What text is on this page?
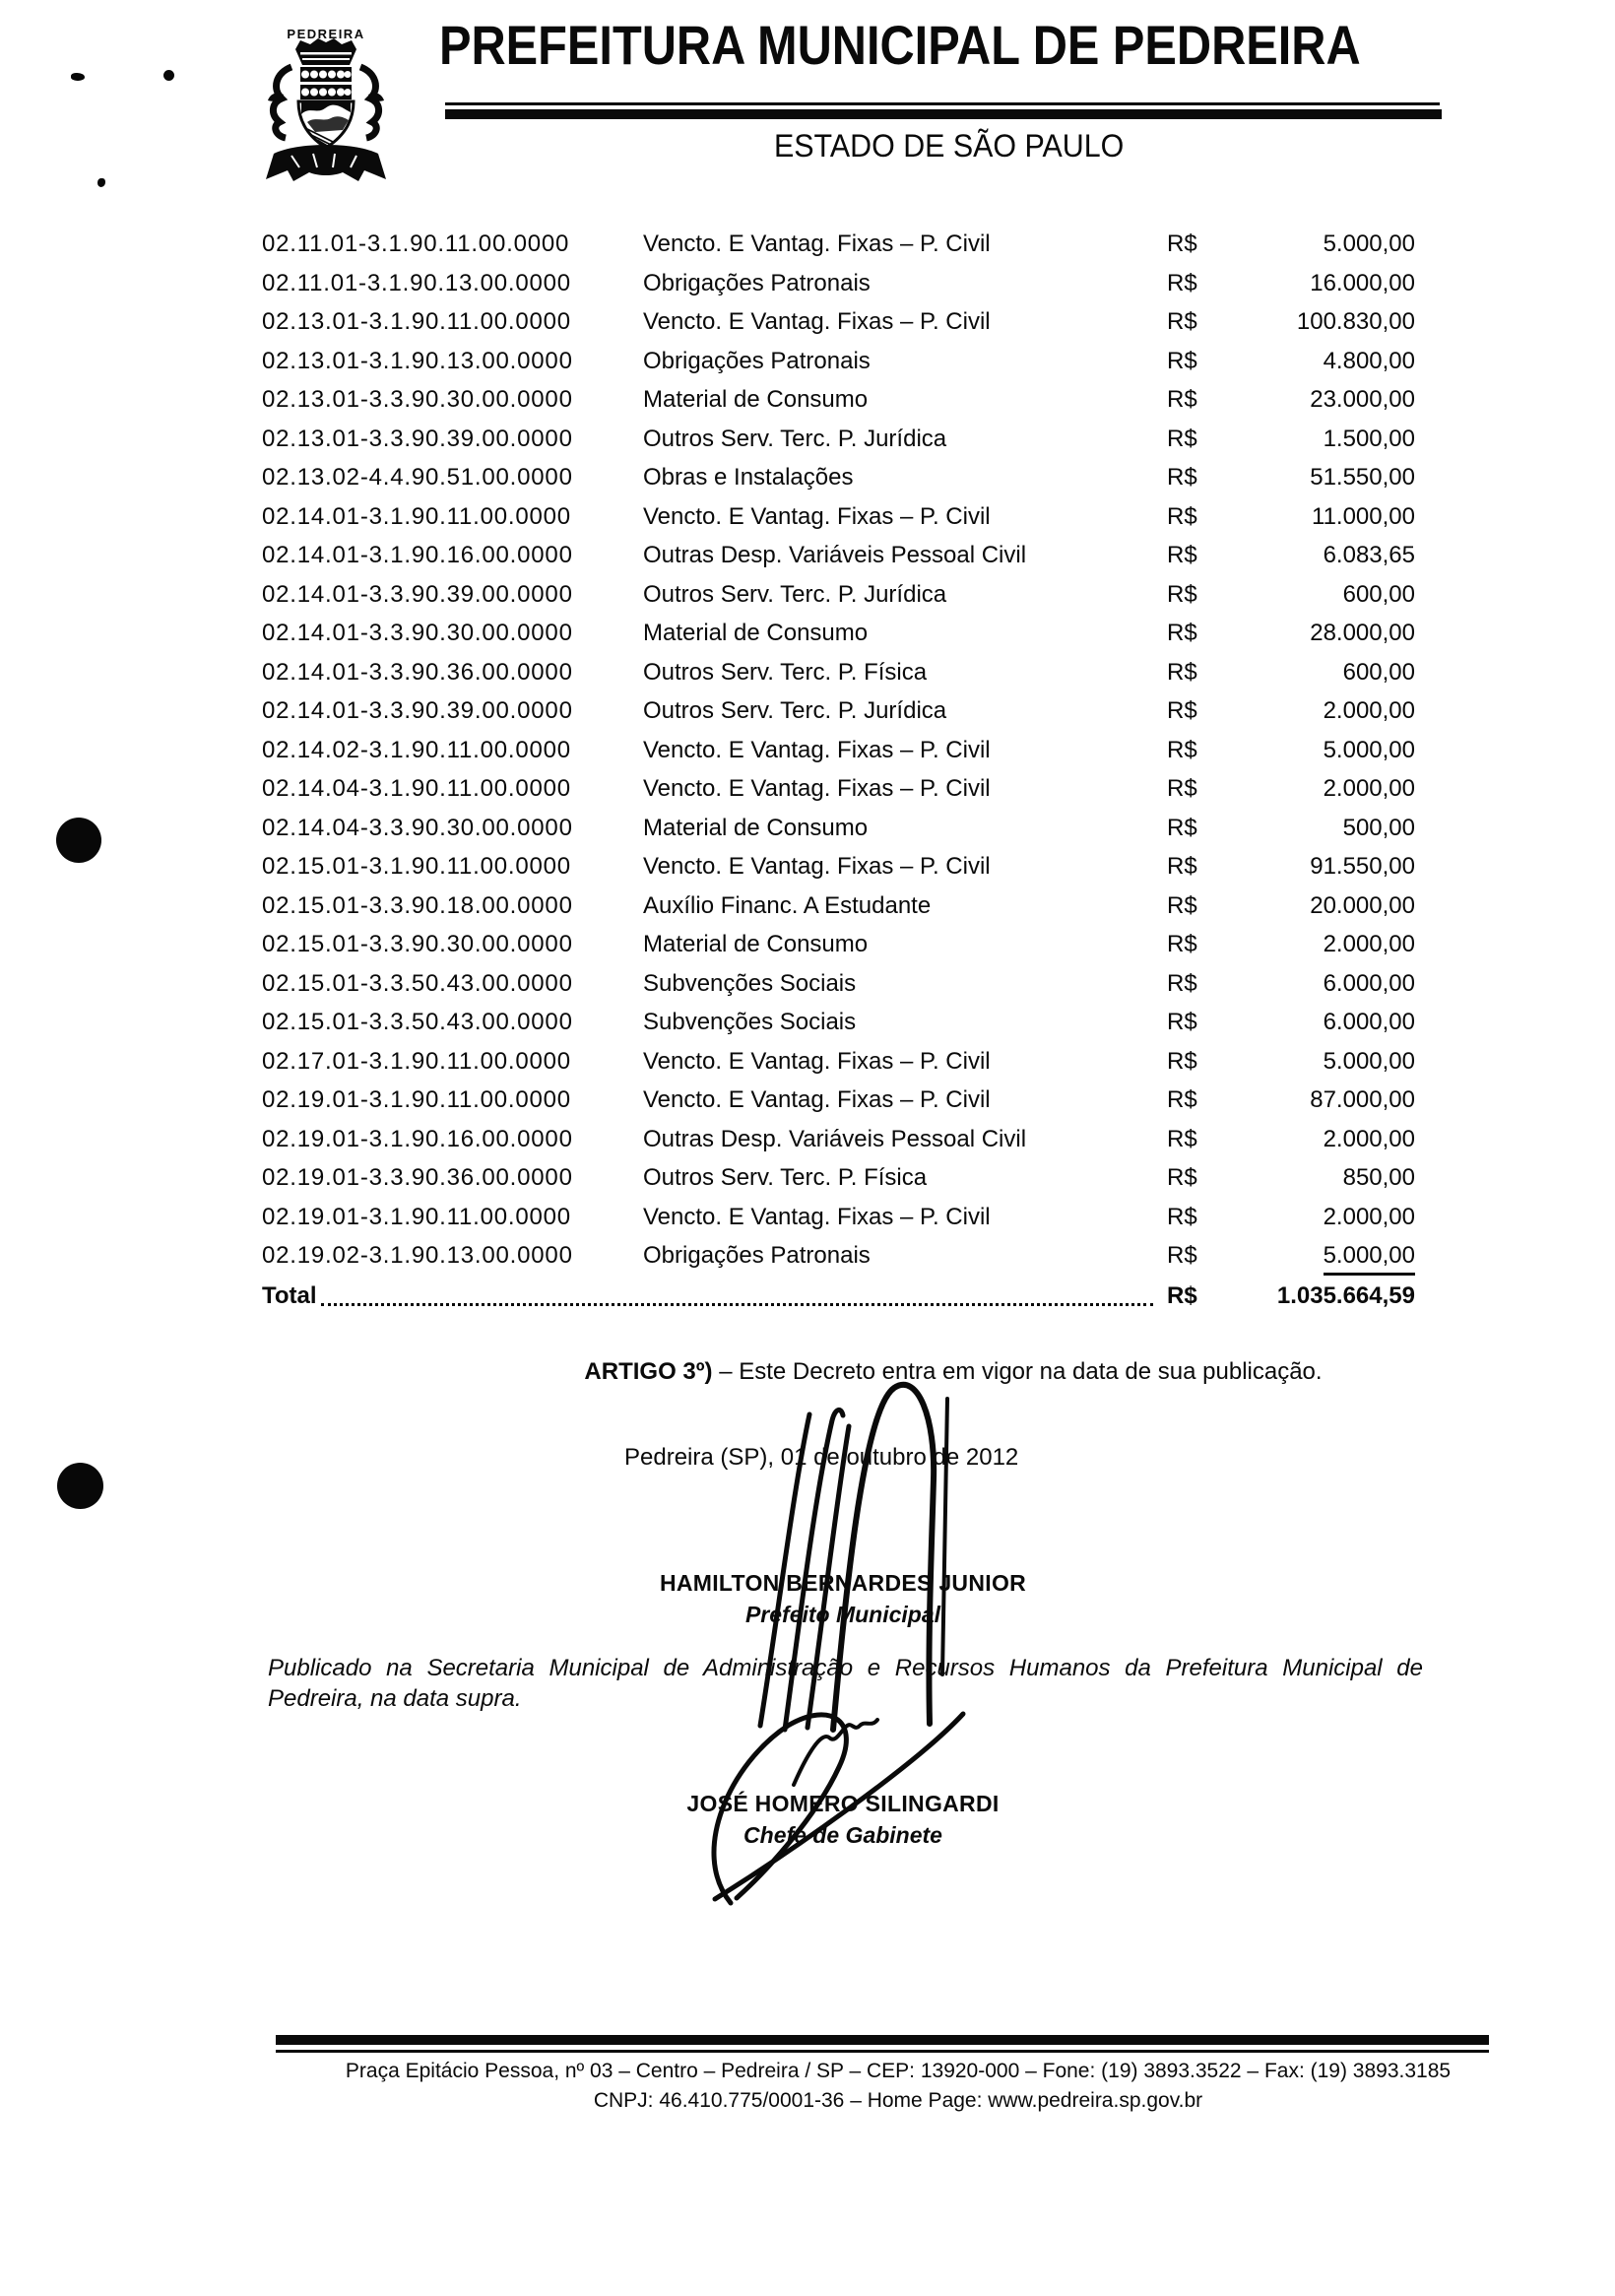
PEDREIRA PREFEITURA MUNICIPAL DE PEDREIRA
ESTADO DE SÃO PAULO
02.11.01-3.1.90.11.00.0000	Vencto. E Vantag. Fixas – P. Civil	R$	5.000,00
02.11.01-3.1.90.13.00.0000	Obrigações Patronais	R$	16.000,00
02.13.01-3.1.90.11.00.0000	Vencto. E Vantag. Fixas – P. Civil	R$	100.830,00
02.13.01-3.1.90.13.00.0000	Obrigações Patronais	R$	4.800,00
02.13.01-3.3.90.30.00.0000	Material de Consumo	R$	23.000,00
02.13.01-3.3.90.39.00.0000	Outros Serv. Terc. P. Jurídica	R$	1.500,00
02.13.02-4.4.90.51.00.0000	Obras e Instalações	R$	51.550,00
02.14.01-3.1.90.11.00.0000	Vencto. E Vantag. Fixas – P. Civil	R$	11.000,00
02.14.01-3.1.90.16.00.0000	Outras Desp. Variáveis Pessoal Civil	R$	6.083,65
02.14.01-3.3.90.39.00.0000	Outros Serv. Terc. P. Jurídica	R$	600,00
02.14.01-3.3.90.30.00.0000	Material de Consumo	R$	28.000,00
02.14.01-3.3.90.36.00.0000	Outros Serv. Terc. P. Física	R$	600,00
02.14.01-3.3.90.39.00.0000	Outros Serv. Terc. P. Jurídica	R$	2.000,00
02.14.02-3.1.90.11.00.0000	Vencto. E Vantag. Fixas – P. Civil	R$	5.000,00
02.14.04-3.1.90.11.00.0000	Vencto. E Vantag. Fixas – P. Civil	R$	2.000,00
02.14.04-3.3.90.30.00.0000	Material de Consumo	R$	500,00
02.15.01-3.1.90.11.00.0000	Vencto. E Vantag. Fixas – P. Civil	R$	91.550,00
02.15.01-3.3.90.18.00.0000	Auxílio Financ. A Estudante	R$	20.000,00
02.15.01-3.3.90.30.00.0000	Material de Consumo	R$	2.000,00
02.15.01-3.3.50.43.00.0000	Subvenções Sociais	R$	6.000,00
02.15.01-3.3.50.43.00.0000	Subvenções Sociais	R$	6.000,00
02.17.01-3.1.90.11.00.0000	Vencto. E Vantag. Fixas – P. Civil	R$	5.000,00
02.19.01-3.1.90.11.00.0000	Vencto. E Vantag. Fixas – P. Civil	R$	87.000,00
02.19.01-3.1.90.16.00.0000	Outras Desp. Variáveis Pessoal Civil	R$	2.000,00
02.19.01-3.3.90.36.00.0000	Outros Serv. Terc. P. Física	R$	850,00
02.19.01-3.1.90.11.00.0000	Vencto. E Vantag. Fixas – P. Civil	R$	2.000,00
02.19.02-3.1.90.13.00.0000	Obrigações Patronais	R$	5.000,00
Total	R$	1.035.664,59
ARTIGO 3º) – Este Decreto entra em vigor na data de sua publicação.
Pedreira (SP), 01 de outubro de 2012
HAMILTON BERNARDES JUNIOR
Prefeito Municipal
Publicado na Secretaria Municipal de Administração e Recursos Humanos da Prefeitura Municipal de
Pedreira, na data supra.
JOSÉ HOMERO SILINGARDI
Chefe de Gabinete
Praça Epitácio Pessoa, nº 03 – Centro – Pedreira / SP – CEP: 13920-000 – Fone: (19) 3893.3522 – Fax: (19) 3893.3185
CNPJ: 46.410.775/0001-36 – Home Page: www.pedreira.sp.gov.br
